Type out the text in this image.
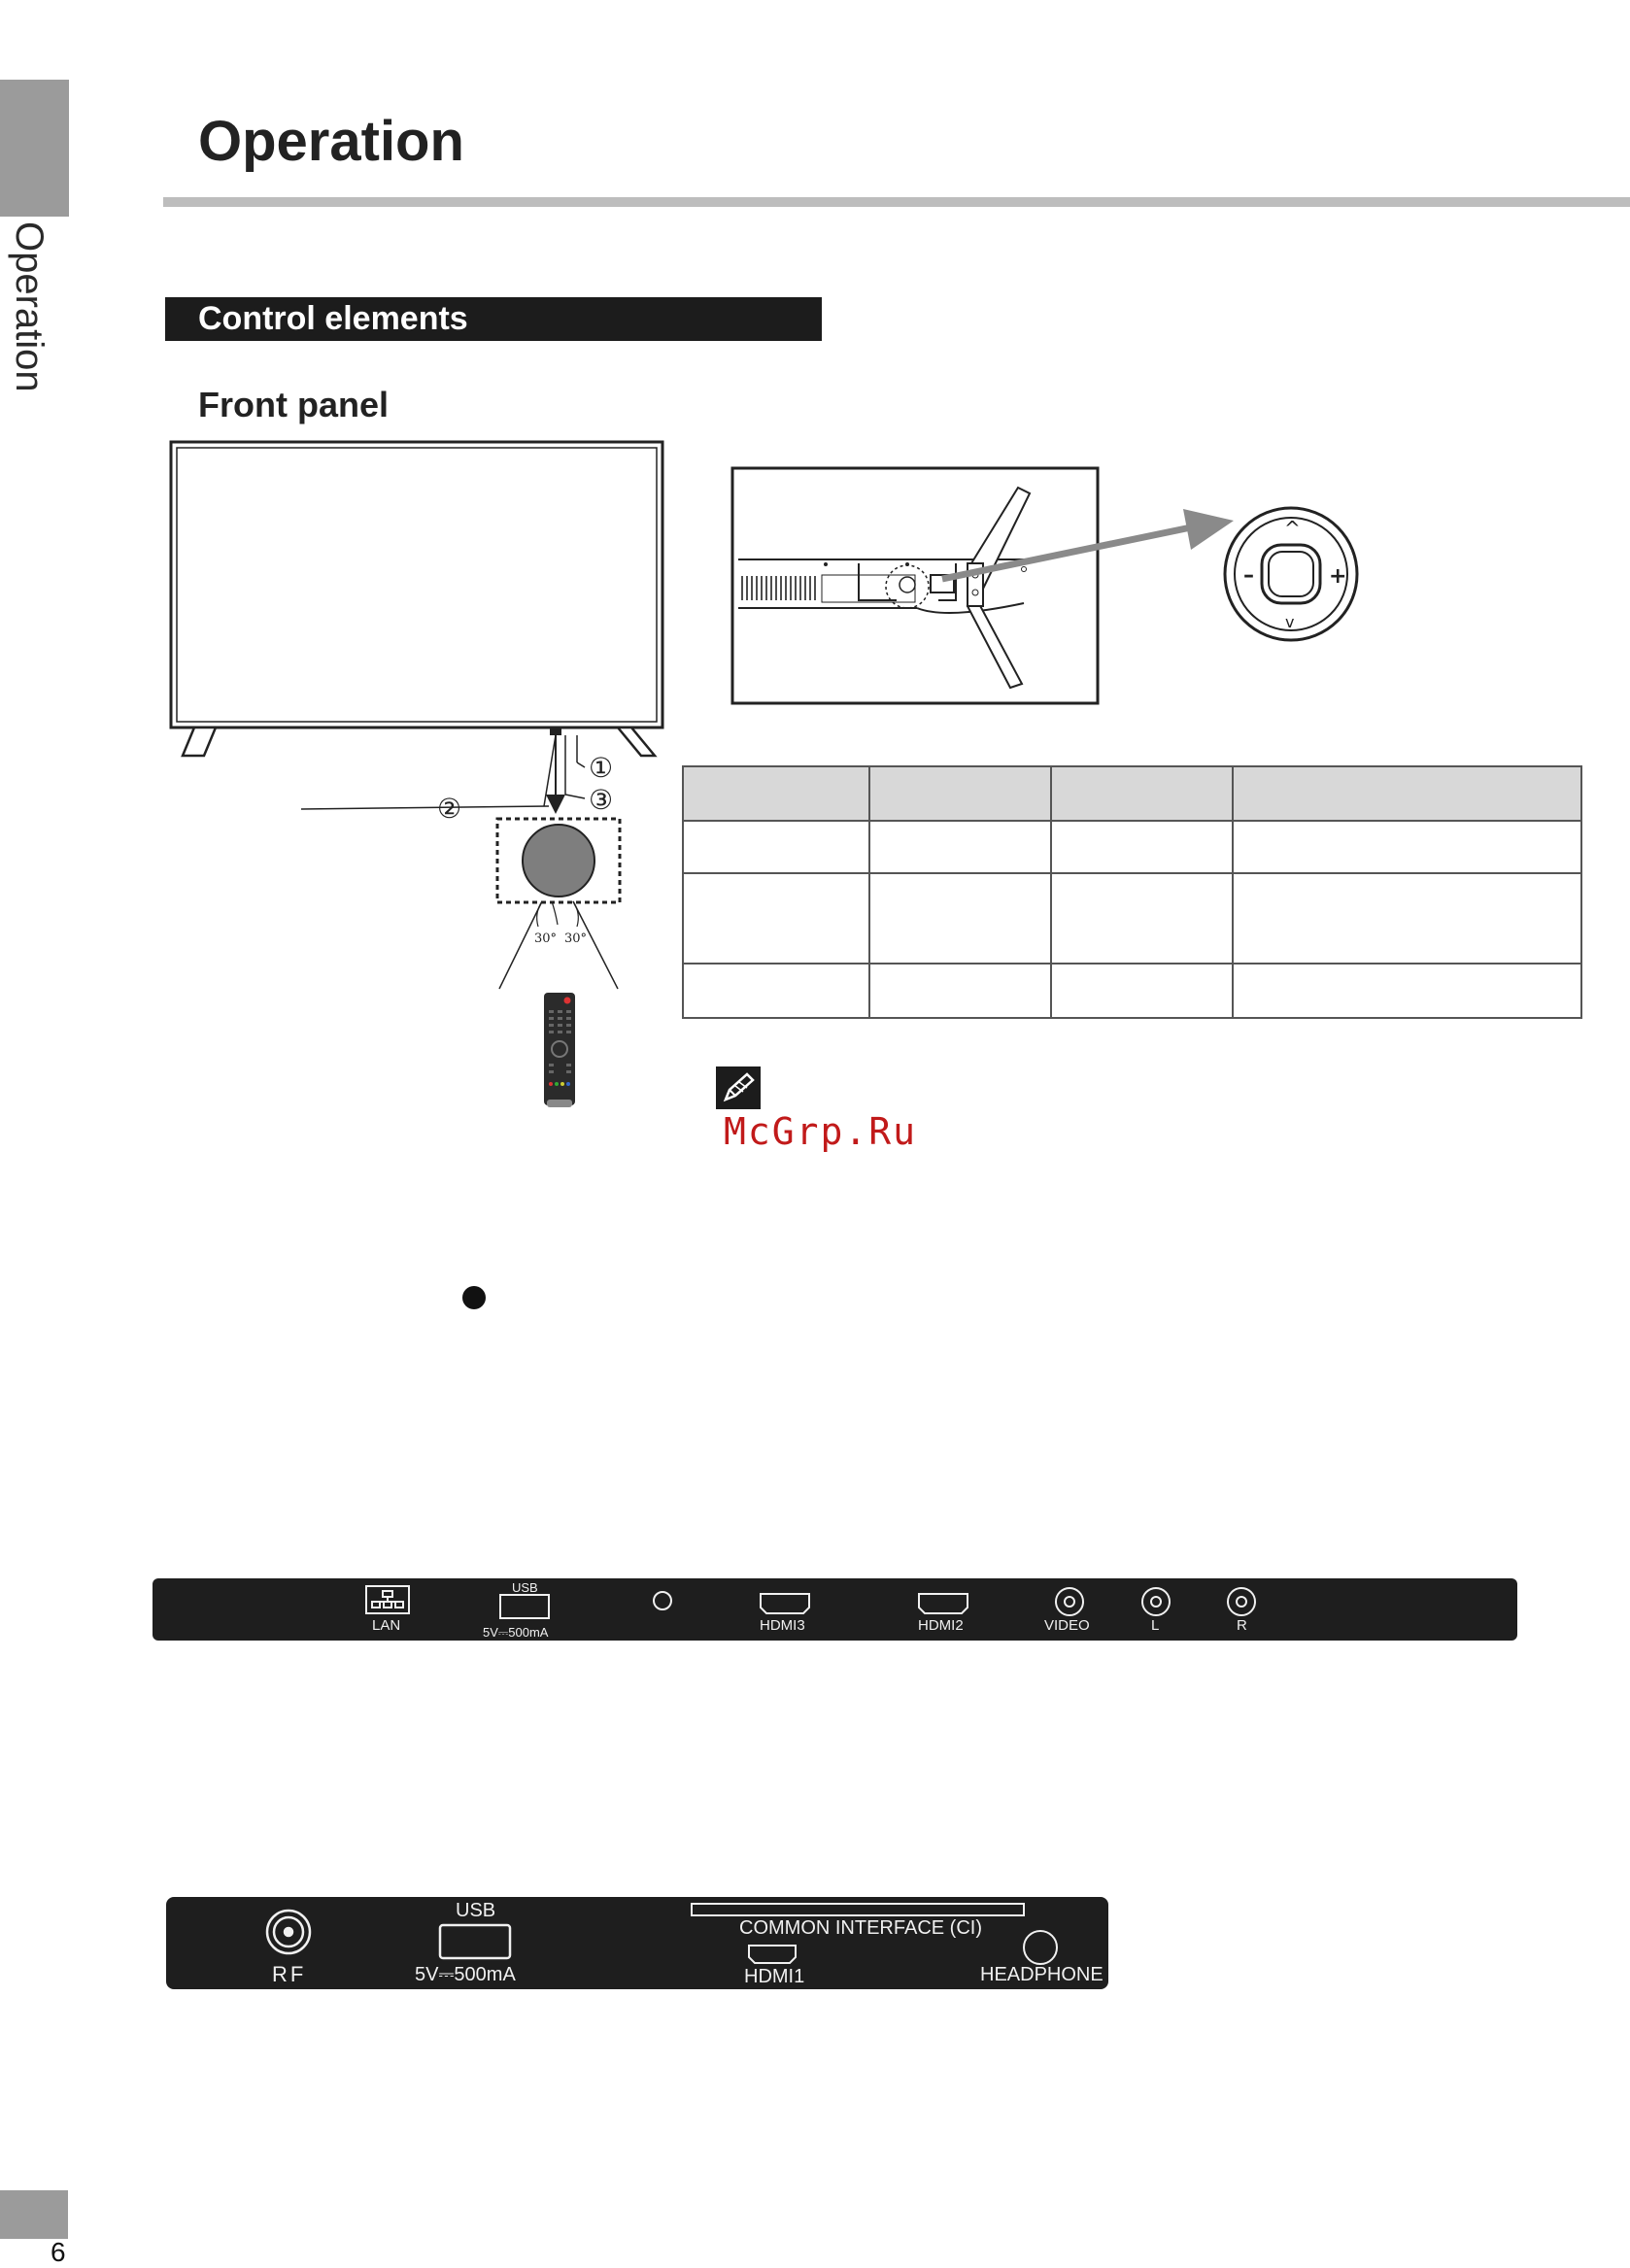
Operation
6
Operation
Control elements
Front panel
①
②	③
30° 30°
^
v
–	+

McGrp.Ru
LAN
USB
5V⎓500mA	HDMI3	HDMI2	VIDEO	L	R
RF
USB
5V⎓500mA
COMMON INTERFACE (CI)
HDMI1	HEADPHONE
